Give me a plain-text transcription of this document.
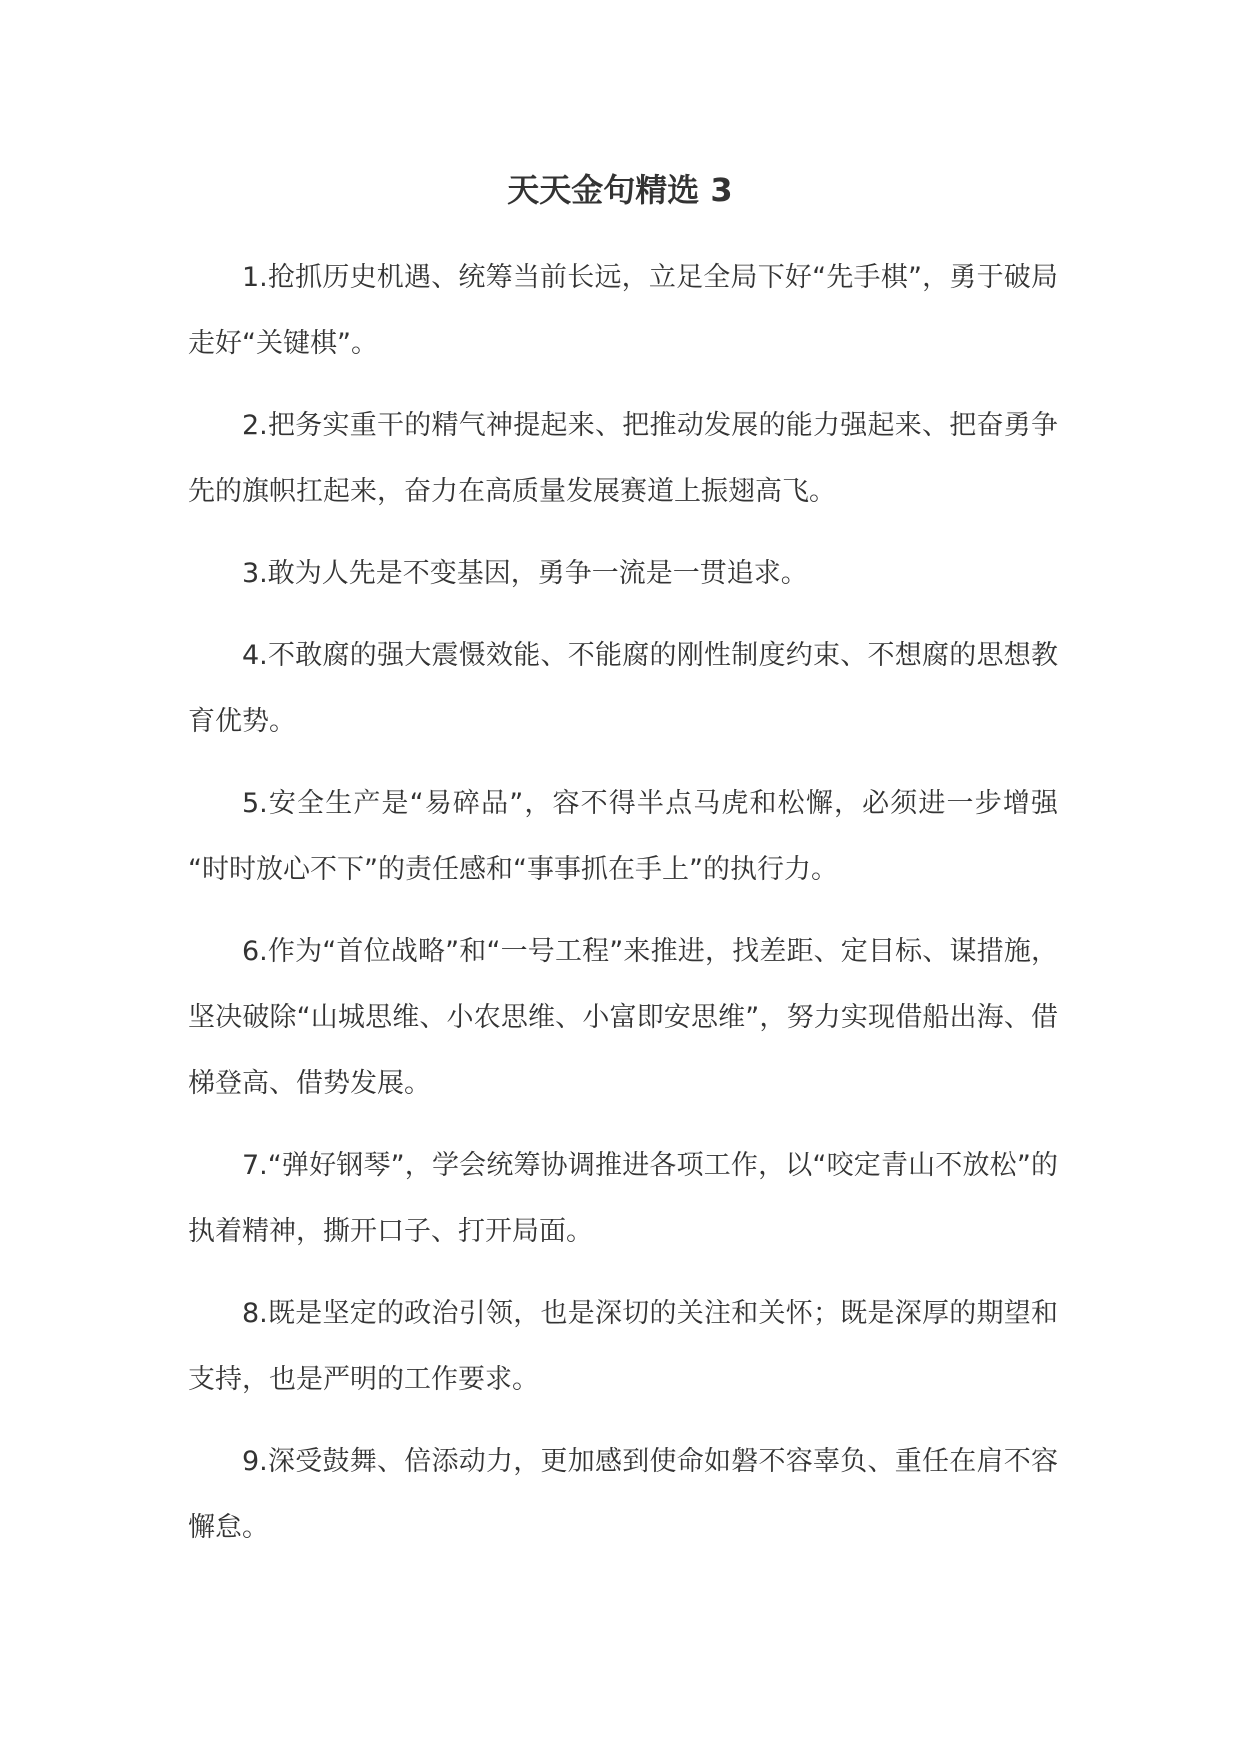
天天金句精选 3

1.抢抓历史机遇、统筹当前长远，立足全局下好“先手棋”，勇于破局走好“关键棋”。

2.把务实重干的精气神提起来、把推动发展的能力强起来、把奋勇争先的旗帜扛起来，奋力在高质量发展赛道上振翅高飞。

3.敢为人先是不变基因，勇争一流是一贯追求。

4.不敢腐的强大震慑效能、不能腐的刚性制度约束、不想腐的思想教育优势。

5.安全生产是“易碎品”，容不得半点马虎和松懈，必须进一步增强 “时时放心不下”的责任感和“事事抓在手上”的执行力。

6.作为“首位战略”和“一号工程”来推进，找差距、定目标、谋措施，坚决破除“山城思维、小农思维、小富即安思维”，努力实现借船出海、借梯登高、借势发展。

7.“弹好钢琴”，学会统筹协调推进各项工作，以“咬定青山不放松”的执着精神，撕开口子、打开局面。

8.既是坚定的政治引领，也是深切的关注和关怀；既是深厚的期望和支持，也是严明的工作要求。

9.深受鼓舞、倍添动力，更加感到使命如磐不容辜负、重任在肩不容懈怠。
